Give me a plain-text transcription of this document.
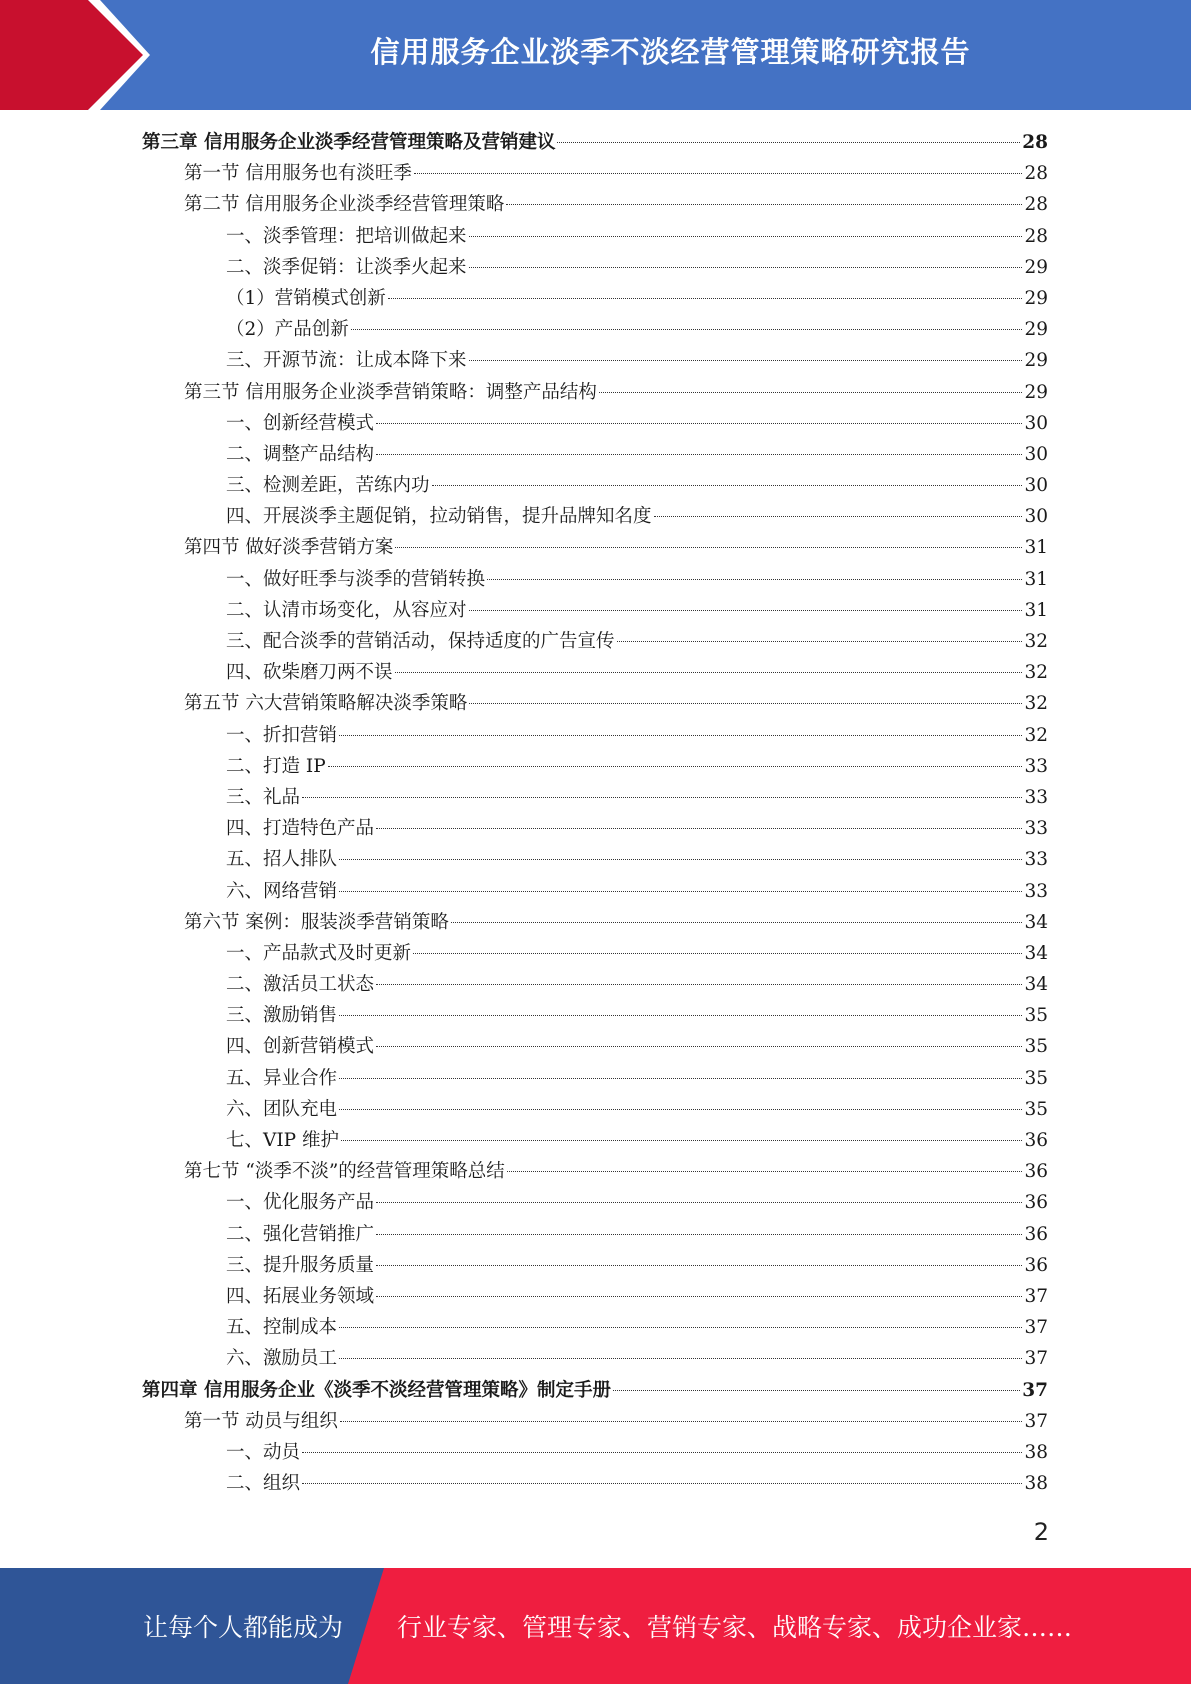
信用服务企业淡季不淡经营管理策略研究报告
第三章 信用服务企业淡季经营管理策略及营销建议	28
第一节 信用服务也有淡旺季	28
第二节 信用服务企业淡季经营管理策略	28
一、淡季管理：把培训做起来	28
二、淡季促销：让淡季火起来	29
（1）营销模式创新	29
（2）产品创新	29
三、开源节流：让成本降下来	29
第三节 信用服务企业淡季营销策略：调整产品结构	29
一、创新经营模式	30
二、调整产品结构	30
三、检测差距，苦练内功	30
四、开展淡季主题促销，拉动销售，提升品牌知名度	30
第四节 做好淡季营销方案	31
一、做好旺季与淡季的营销转换	31
二、认清市场变化，从容应对	31
三、配合淡季的营销活动，保持适度的广告宣传	32
四、砍柴磨刀两不误	32
第五节 六大营销策略解决淡季策略	32
一、折扣营销	32
二、打造 IP	33
三、礼品	33
四、打造特色产品	33
五、招人排队	33
六、网络营销	33
第六节 案例：服装淡季营销策略	34
一、产品款式及时更新	34
二、激活员工状态	34
三、激励销售	35
四、创新营销模式	35
五、异业合作	35
六、团队充电	35
七、VIP 维护	36
第七节 “淡季不淡”的经营管理策略总结	36
一、优化服务产品	36
二、强化营销推广	36
三、提升服务质量	36
四、拓展业务领域	37
五、控制成本	37
六、激励员工	37
第四章 信用服务企业《淡季不淡经营管理策略》制定手册	37
第一节 动员与组织	37
一、动员	38
二、组织	38
2
让每个人都能成为 行业专家、管理专家、营销专家、战略专家、成功企业家……
